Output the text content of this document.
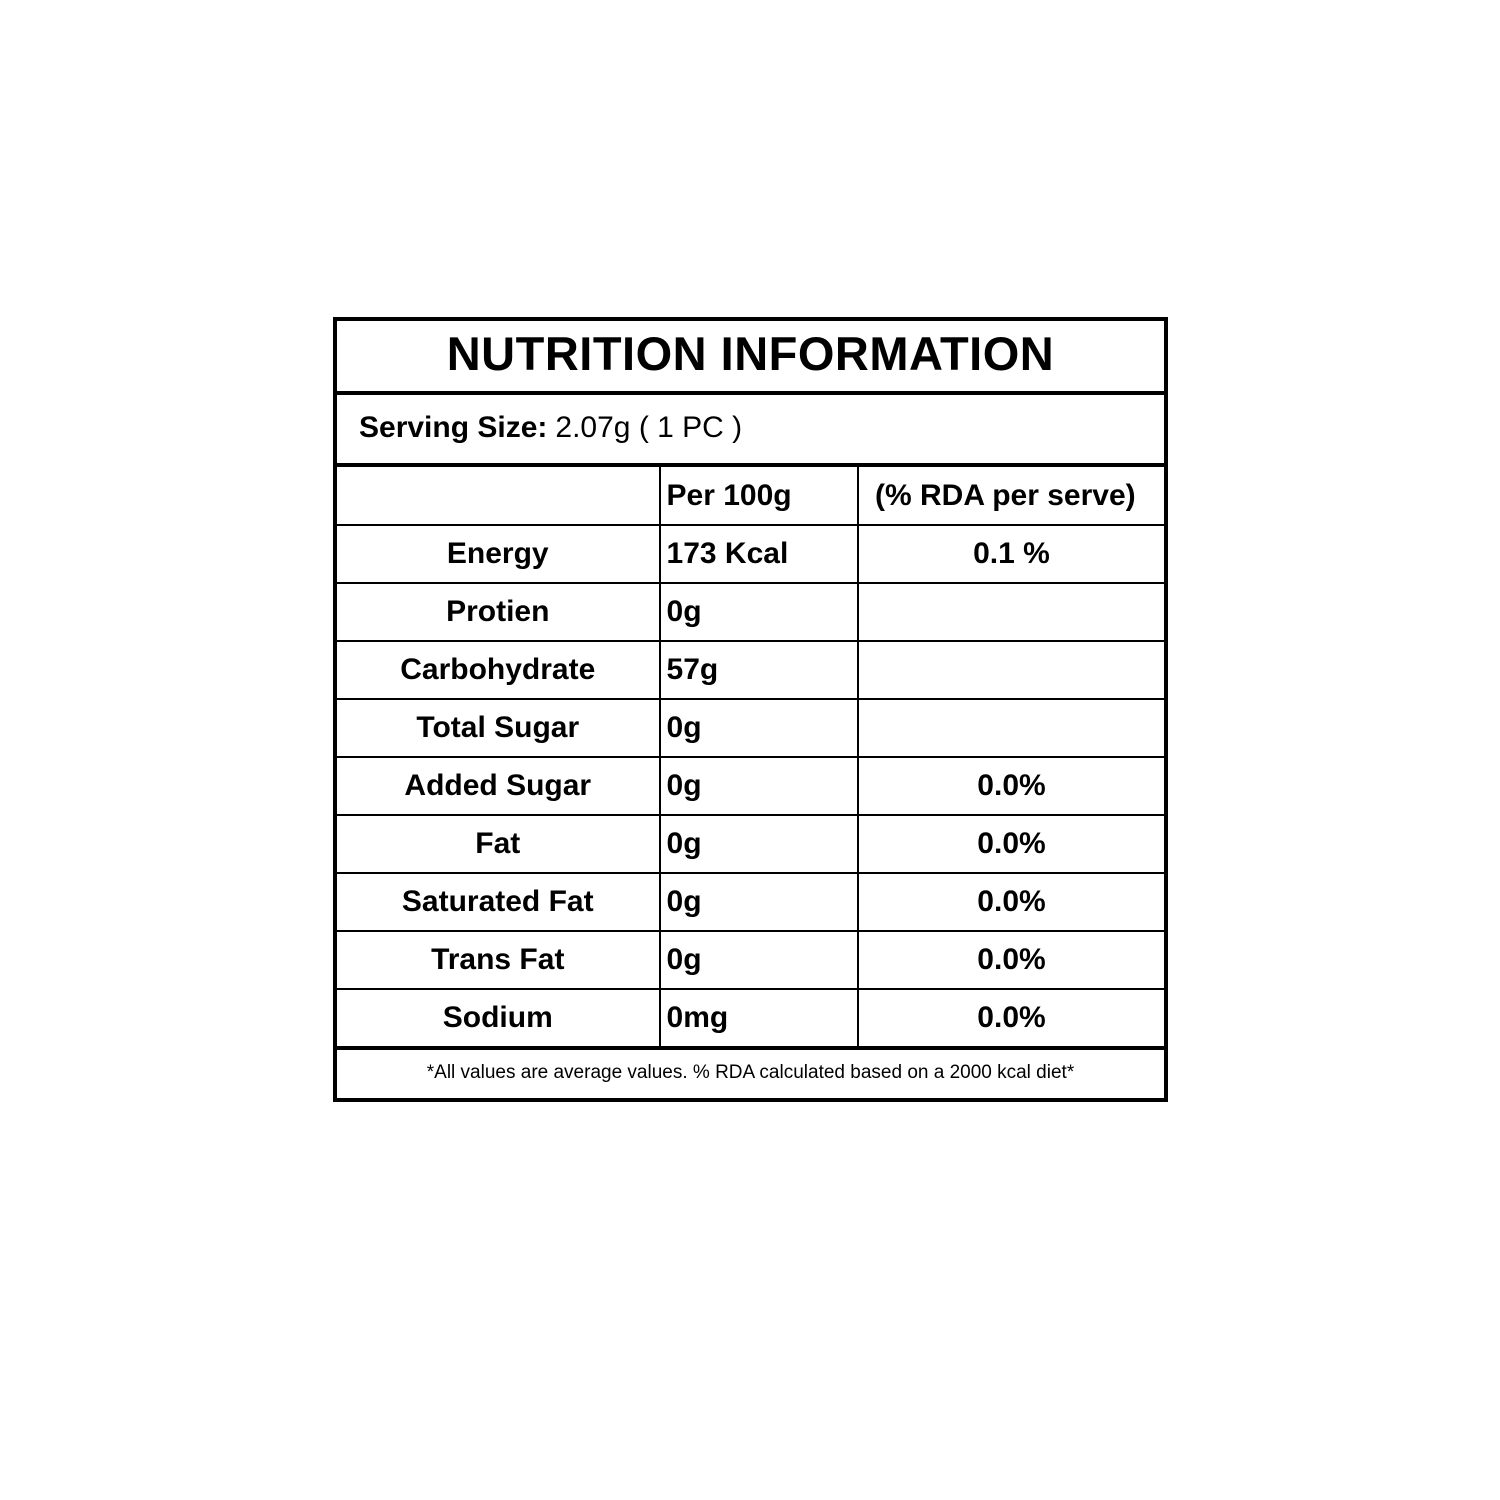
NUTRITION INFORMATION
Serving Size: 2.07g ( 1 PC )
	Per 100g	(% RDA per serve)
Energy	173 Kcal	0.1 %
Protien	0g	
Carbohydrate	57g	
Total Sugar	0g	
Added Sugar	0g	0.0%
Fat	0g	0.0%
Saturated Fat	0g	0.0%
Trans Fat	0g	0.0%
Sodium	0mg	0.0%
*All values are average values. % RDA calculated based on a 2000 kcal diet*
